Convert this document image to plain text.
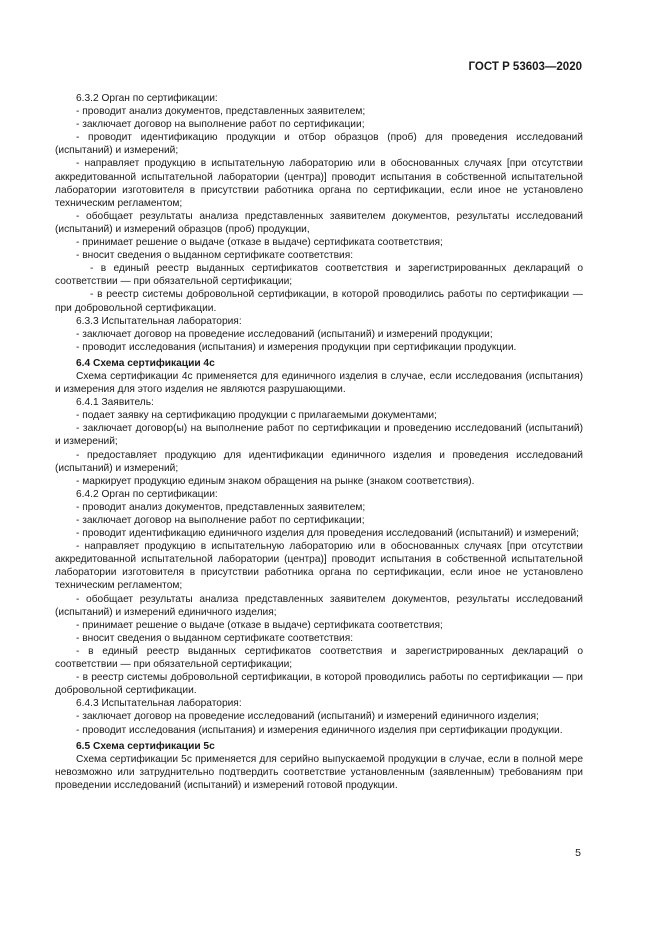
ГОСТ Р 53603—2020

6.3.2 Орган по сертификации:

- проводит анализ документов, представленных заявителем;

- заключает договор на выполнение работ по сертификации;

- проводит идентификацию продукции и отбор образцов (проб) для проведения исследований (испытаний) и измерений;

- направляет продукцию в испытательную лабораторию или в обоснованных случаях [при отсутствии аккредитованной испытательной лаборатории (центра)] проводит испытания в собственной испытательной лаборатории изготовителя в присутствии работника органа по сертификации, если иное не установлено техническим регламентом;

- обобщает результаты анализа представленных заявителем документов, результаты исследований (испытаний) и измерений образцов (проб) продукции,

- принимает решение о выдаче (отказе в выдаче) сертификата соответствия;

- вносит сведения о выданном сертификате соответствия:

- в единый реестр выданных сертификатов соответствия и зарегистрированных деклараций о соответствии — при обязательной сертификации;

- в реестр системы добровольной сертификации, в которой проводились работы по сертификации — при добровольной сертификации.

6.3.3 Испытательная лаборатория:

- заключает договор на проведение исследований (испытаний) и измерений продукции;

- проводит исследования (испытания) и измерения продукции при сертификации продукции.

6.4 Схема сертификации 4с

Схема сертификации 4с применяется для единичного изделия в случае, если исследования (испытания) и измерения для этого изделия не являются разрушающими.

6.4.1 Заявитель:

- подает заявку на сертификацию продукции с прилагаемыми документами;

- заключает договор(ы) на выполнение работ по сертификации и проведению исследований (испытаний) и измерений;

- предоставляет продукцию для идентификации единичного изделия и проведения исследований (испытаний) и измерений;

- маркирует продукцию единым знаком обращения на рынке (знаком соответствия).

6.4.2 Орган по сертификации:

- проводит анализ документов, представленных заявителем;

- заключает договор на выполнение работ по сертификации;

- проводит идентификацию единичного изделия для проведения исследований (испытаний) и измерений;

- направляет продукцию в испытательную лабораторию или в обоснованных случаях [при отсутствии аккредитованной испытательной лаборатории (центра)] проводит испытания в собственной испытательной лаборатории изготовителя в присутствии работника органа по сертификации, если иное не установлено техническим регламентом;

- обобщает результаты анализа представленных заявителем документов, результаты исследований (испытаний) и измерений единичного изделия;

- принимает решение о выдаче (отказе в выдаче) сертификата соответствия;

- вносит сведения о выданном сертификате соответствия:

- в единый реестр выданных сертификатов соответствия и зарегистрированных деклараций о соответствии — при обязательной сертификации;

- в реестр системы добровольной сертификации, в которой проводились работы по сертификации — при добровольной сертификации.

6.4.3 Испытательная лаборатория:

- заключает договор на проведение исследований (испытаний) и измерений единичного изделия;

- проводит исследования (испытания) и измерения единичного изделия при сертификации продукции.

6.5 Схема сертификации 5с

Схема сертификации 5с применяется для серийно выпускаемой продукции в случае, если в полной мере невозможно или затруднительно подтвердить соответствие установленным (заявленным) требованиям при проведении исследований (испытаний) и измерений готовой продукции.

5
